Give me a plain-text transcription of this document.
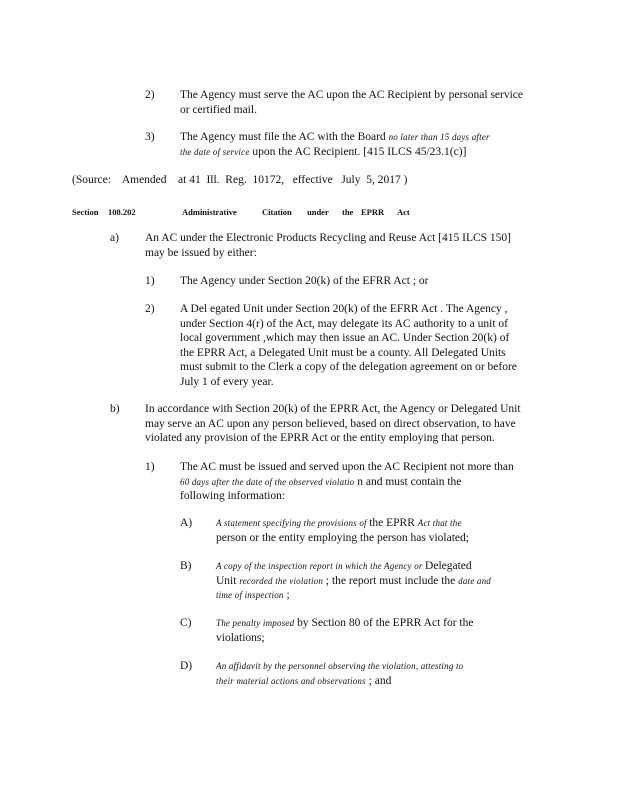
2) The Agency must serve the AC upon the AC Recipient by personal service
or certified mail.
3) The Agency must file the AC with the Board no later than 15 days after
the date of service upon the AC Recipient. [415 ILCS 45/23.1(c)]
(Source:    Amended    at 41  Ill.  Reg.  10172,   effective   July  5, 2017 )
Section 108.202	Administrative	Citation under the EPRR Act
a) An AC under the Electronic Products Recycling and Reuse Act [415 ILCS 150]
may be issued by either:
1) The Agency under Section 20(k) of the EFRR Act ; or
2) A Del egated Unit under Section 20(k) of the EFRR Act . The Agency ,
under Section 4(r) of the Act, may delegate its AC authority to a unit of
local government ,which may then issue an AC. Under Section 20(k) of
the EPRR Act, a Delegated Unit must be a county. All Delegated Units
must submit to the Clerk a copy of the delegation agreement on or before
July 1 of every year.
b) In accordance with Section 20(k) of the EPRR Act, the Agency or Delegated Unit
may serve an AC upon any person believed, based on direct observation, to have
violated any provision of the EPRR Act or the entity employing that person.
1) The AC must be issued and served upon the AC Recipient not more than
60 days after the date of the observed violatio n and must contain the
following information:
A)	A statement specifying the provisions of the EPRR Act that the
person or the entity employing the person has violated;
B)	A copy of the inspection report in which the Agency or Delegated
Unit recorded the violation ; the report must include the date and
time of inspection ;
C)	The penalty imposed by Section 80 of the EPRR Act for the
violations;
D)	An affidavit by the personnel observing the violation, attesting to
their material actions and observations ; and
